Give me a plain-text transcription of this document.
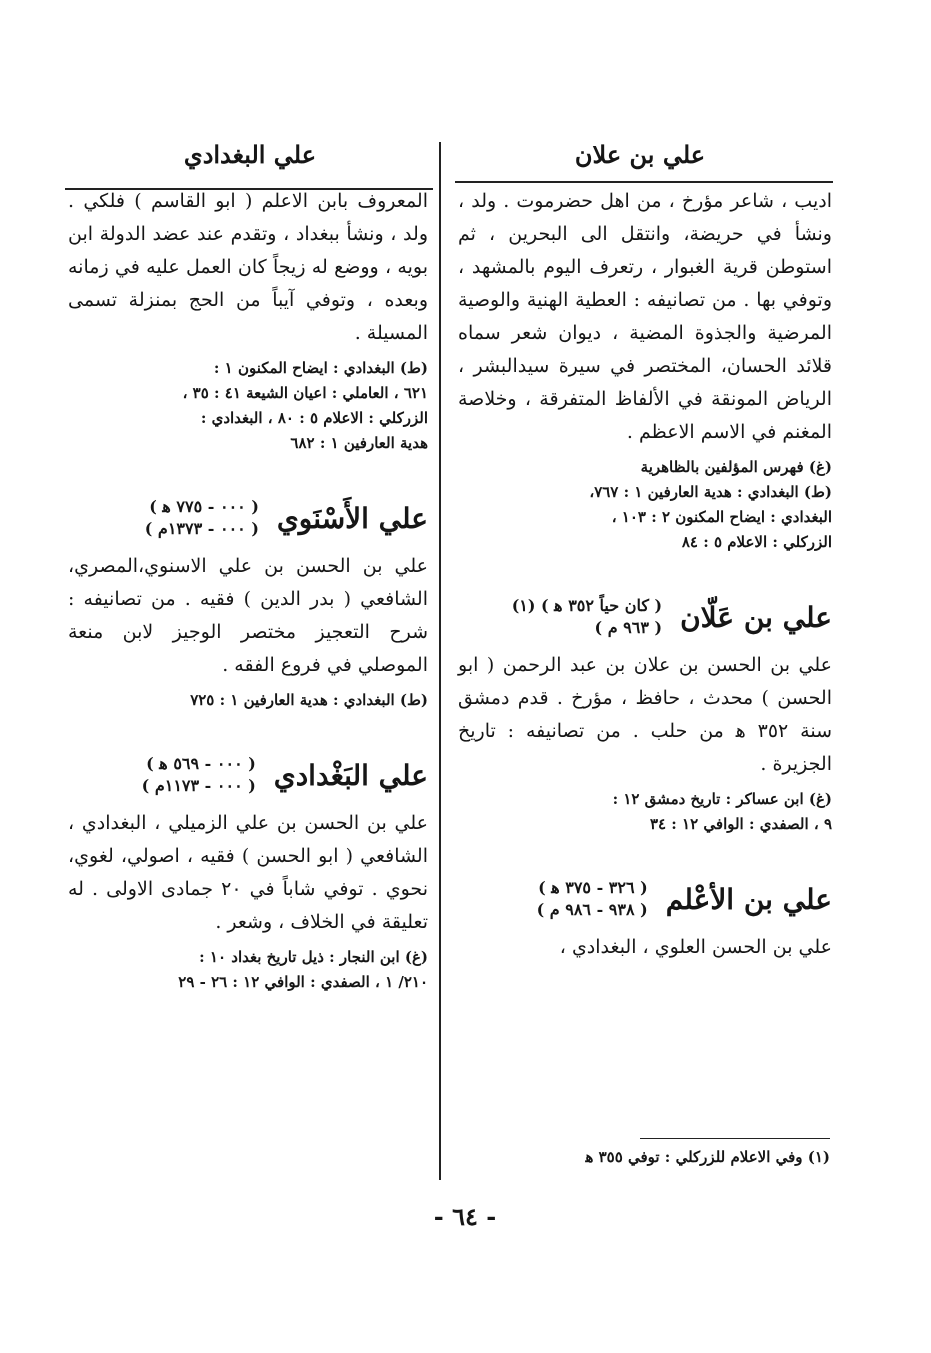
علي بن علان
علي البغدادي

اديب ، شاعر مؤرخ ، من اهل حضرموت . ولد ، ونشأ في حريضة، وانتقل الى البحرين ، ثم استوطن قرية الغبوار ، رتعرف اليوم بالمشهد ، وتوفي بها . من تصانيفه : العطية الهنية والوصية المرضية والجذوة المضية ، ديوان شعر سماه قلائد الحسان، المختصر في سيرة سيدالبشر ، الرياض المونقة في الألفاظ المتفرقة ، وخلاصة المغنم في الاسم الاعظم .

(غ) فهرس المؤلفين بالظاهرية

(ط) البغدادي : هدية العارفين ١ : ٧٦٧،

البغدادي : ايضاح المكنون ٢ : ١٠٣ ،

الزركلي : الاعلام ٥ : ٨٤

علي بن عَلّان
( كان حياً ٣٥٢ ﻫ ) (١)
( ٩٦٣ م )

علي بن الحسن بن علان بن عبد الرحمن ( ابو الحسن ) محدث ، حافظ ، مؤرخ . قدم دمشق سنة ٣٥٢ ﻫ من حلب . من تصانيفه : تاريخ الجزيرة .

(غ) ابن عساكر : تاريخ دمشق ١٢ :

٩ ، الصفدي : الوافي ١٢ : ٣٤

علي بن الأعْلم
( ٣٢٦ - ٣٧٥ ﻫ )
( ٩٣٨ - ٩٨٦ م )

علي بن الحسن العلوي ، البغدادي ،

(١) وفي الاعلام للزركلي : توفي ٣٥٥ ﻫ

المعروف بابن الاعلم ( ابو القاسم ) فلكي . ولد ، ونشأ ببغداد ، وتقدم عند عضد الدولة ابن بويه ، ووضع له زيجاً كان العمل عليه في زمانه وبعده ، وتوفي آيباً من الحج بمنزلة تسمى المسيلة .

(ط) البغدادي : ايضاح المكنون ١ :

٦٢١ ، العاملي : اعيان الشيعة ٤١ : ٣٥ ،

الزركلي : الاعلام ٥ : ٨٠ ، البغدادي :

هدية العارفين ١ : ٦٨٢

علي الأَسْنَوي
( ٠٠٠ - ٧٧٥ ﻫ )
( ٠٠٠ - ١٣٧٣م )

علي بن الحسن بن علي الاسنوي،المصري، الشافعي ( بدر الدين ) فقيه . من تصانيفه : شرح التعجيز مختصر الوجيز لابن منعة الموصلي في فروع الفقه .

(ط) البغدادي : هدية العارفين ١ : ٧٢٥

علي البَغْدادي
( ٠٠٠ - ٥٦٩ ﻫ )
( ٠٠٠ - ١١٧٣م )

علي بن الحسن بن علي الزميلي ، البغدادي ، الشافعي ( ابو الحسن ) فقيه ، اصولي، لغوي، نحوي . توفي شاباً في ٢٠ جمادى الاولى . له تعليقة في الخلاف ، وشعر .

(غ) ابن النجار : ذيل تاريخ بغداد ١٠ :

٢١٠/ ١ ، الصفدي : الوافي ١٢ : ٢٦ - ٢٩

- ٦٤ -
